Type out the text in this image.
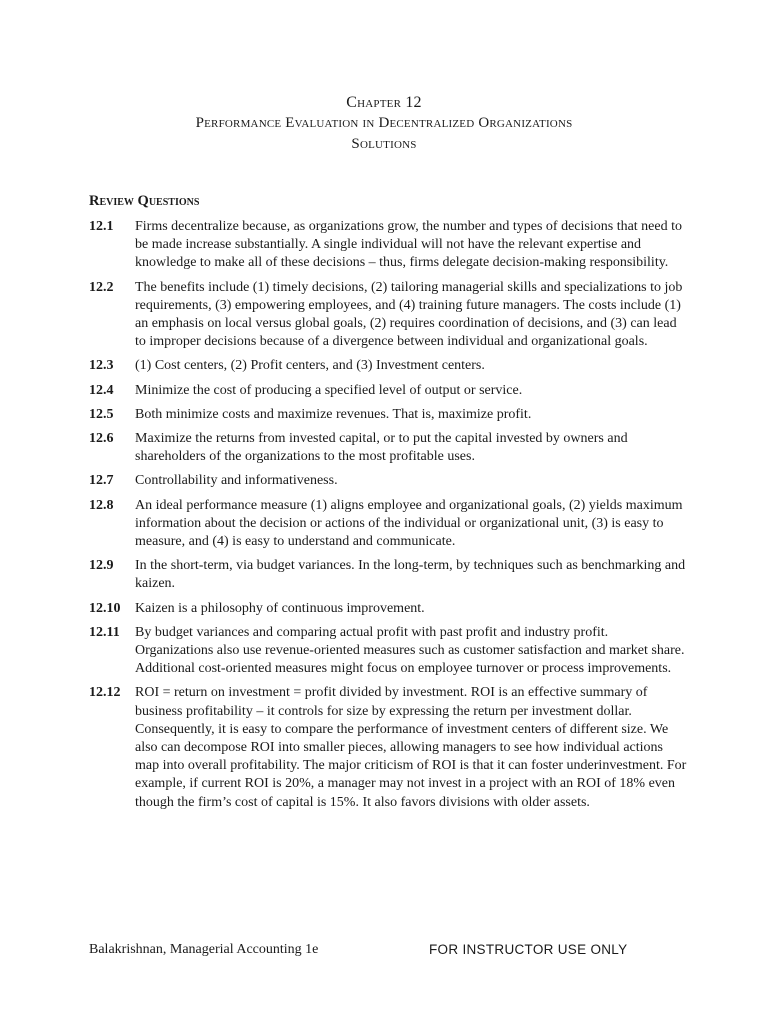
Chapter 12
Performance Evaluation in Decentralized Organizations
Solutions
Review Questions
12.1	Firms decentralize because, as organizations grow, the number and types of decisions that need to be made increase substantially. A single individual will not have the relevant expertise and knowledge to make all of these decisions – thus, firms delegate decision-making responsibility.
12.2	The benefits include (1) timely decisions, (2) tailoring managerial skills and specializations to job requirements, (3) empowering employees, and (4) training future managers. The costs include (1) an emphasis on local versus global goals, (2) requires coordination of decisions, and (3) can lead to improper decisions because of a divergence between individual and organizational goals.
12.3	(1) Cost centers, (2) Profit centers, and (3) Investment centers.
12.4	Minimize the cost of producing a specified level of output or service.
12.5	Both minimize costs and maximize revenues. That is, maximize profit.
12.6	Maximize the returns from invested capital, or to put the capital invested by owners and shareholders of the organizations to the most profitable uses.
12.7	Controllability and informativeness.
12.8	An ideal performance measure (1) aligns employee and organizational goals, (2) yields maximum information about the decision or actions of the individual or organizational unit, (3) is easy to measure, and (4) is easy to understand and communicate.
12.9	In the short-term, via budget variances. In the long-term, by techniques such as benchmarking and kaizen.
12.10	Kaizen is a philosophy of continuous improvement.
12.11	By budget variances and comparing actual profit with past profit and industry profit. Organizations also use revenue-oriented measures such as customer satisfaction and market share. Additional cost-oriented measures might focus on employee turnover or process improvements.
12.12	ROI = return on investment = profit divided by investment. ROI is an effective summary of business profitability – it controls for size by expressing the return per investment dollar. Consequently, it is easy to compare the performance of investment centers of different size. We also can decompose ROI into smaller pieces, allowing managers to see how individual actions map into overall profitability. The major criticism of ROI is that it can foster underinvestment. For example, if current ROI is 20%, a manager may not invest in a project with an ROI of 18% even though the firm’s cost of capital is 15%. It also favors divisions with older assets.
Balakrishnan, Managerial Accounting 1e	FOR INSTRUCTOR USE ONLY
